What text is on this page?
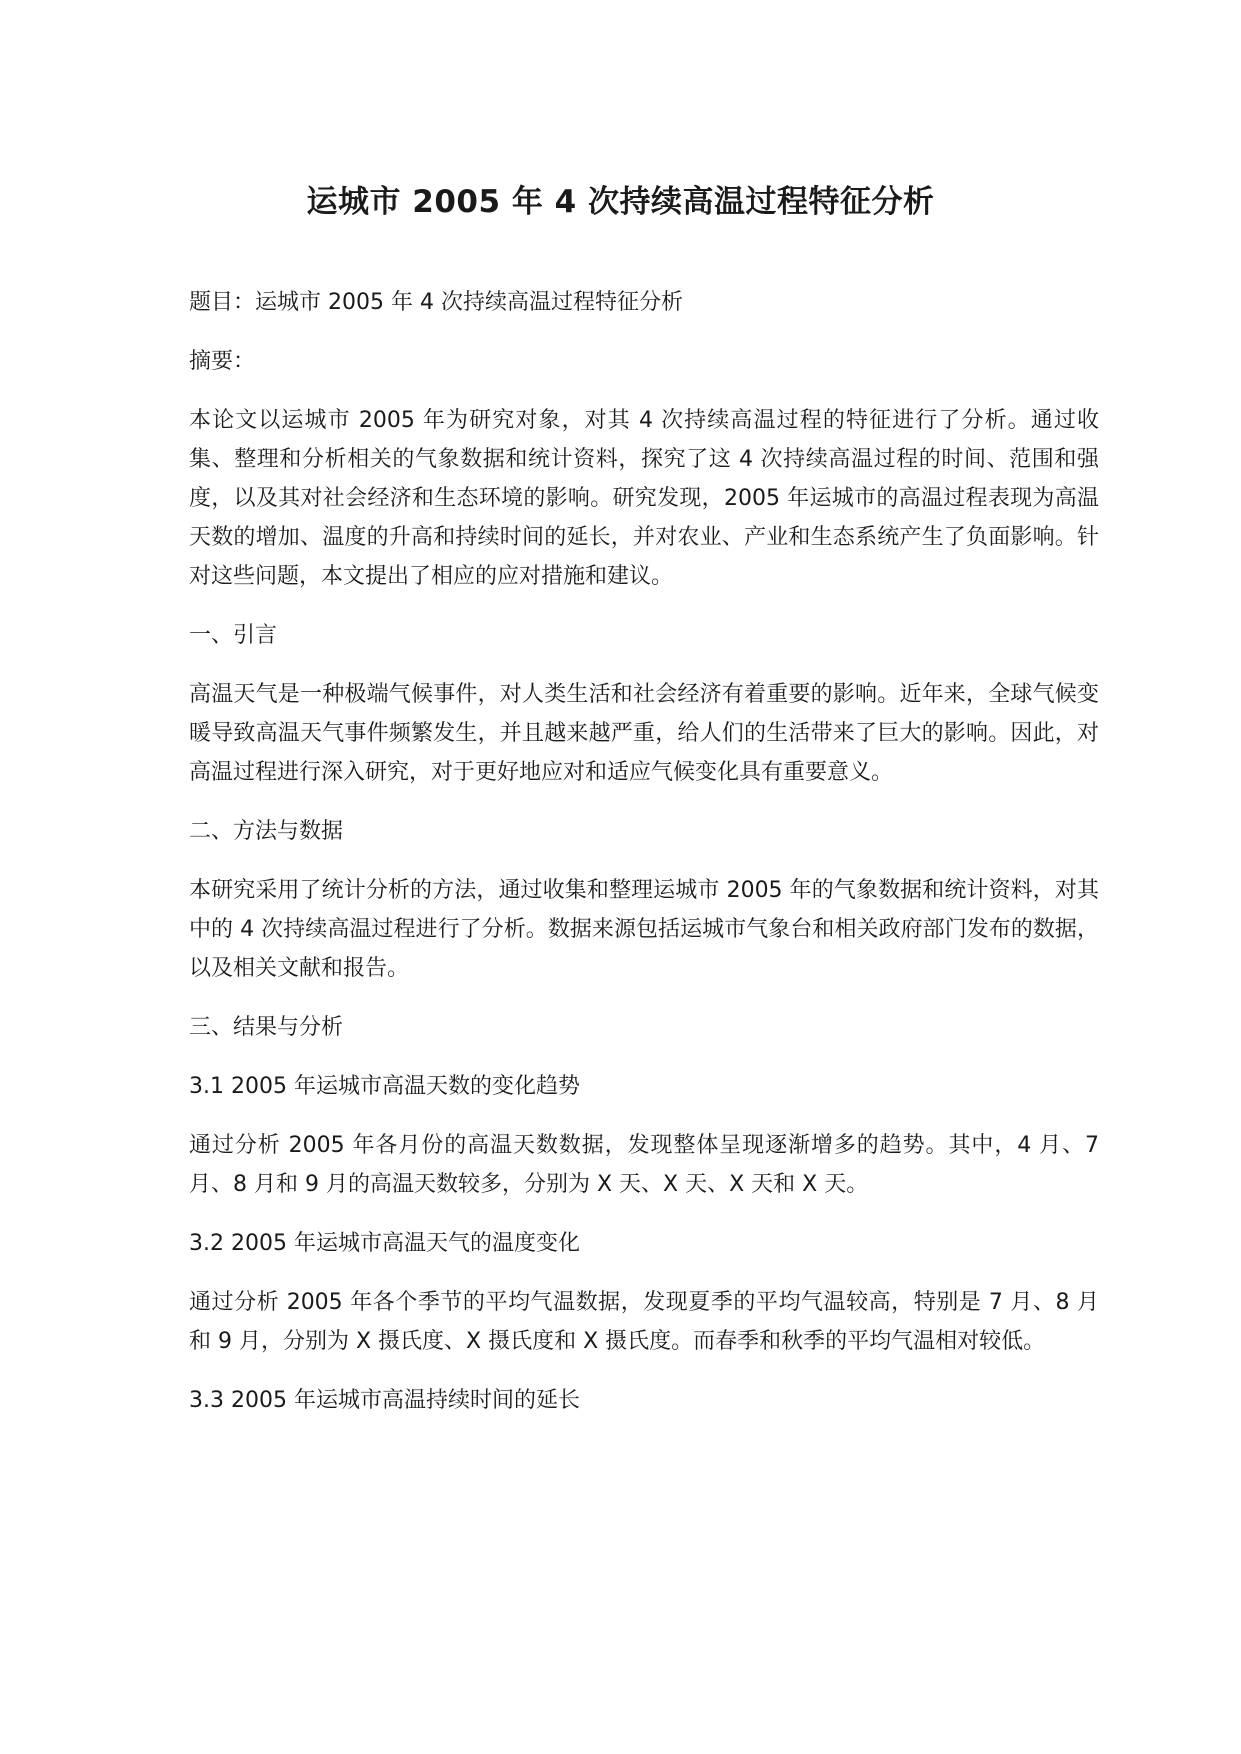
运城市 2005 年 4 次持续高温过程特征分析

题目：运城市 2005 年 4 次持续高温过程特征分析

摘要：

本论文以运城市 2005 年为研究对象，对其 4 次持续高温过程的特征进行了分析。通过收集、整理和分析相关的气象数据和统计资料，探究了这 4 次持续高温过程的时间、范围和强度，以及其对社会经济和生态环境的影响。研究发现，2005 年运城市的高温过程表现为高温天数的增加、温度的升高和持续时间的延长，并对农业、产业和生态系统产生了负面影响。针对这些问题，本文提出了相应的应对措施和建议。

一、引言

高温天气是一种极端气候事件，对人类生活和社会经济有着重要的影响。近年来，全球气候变暖导致高温天气事件频繁发生，并且越来越严重，给人们的生活带来了巨大的影响。因此，对高温过程进行深入研究，对于更好地应对和适应气候变化具有重要意义。

二、方法与数据

本研究采用了统计分析的方法，通过收集和整理运城市 2005 年的气象数据和统计资料，对其中的 4 次持续高温过程进行了分析。数据来源包括运城市气象台和相关政府部门发布的数据，以及相关文献和报告。

三、结果与分析

3.1 2005 年运城市高温天数的变化趋势

通过分析 2005 年各月份的高温天数数据，发现整体呈现逐渐增多的趋势。其中，4 月、7 月、8 月和 9 月的高温天数较多，分别为 X 天、X 天、X 天和 X 天。

3.2 2005 年运城市高温天气的温度变化

通过分析 2005 年各个季节的平均气温数据，发现夏季的平均气温较高，特别是 7 月、8 月和 9 月，分别为 X 摄氏度、X 摄氏度和 X 摄氏度。而春季和秋季的平均气温相对较低。

3.3 2005 年运城市高温持续时间的延长
